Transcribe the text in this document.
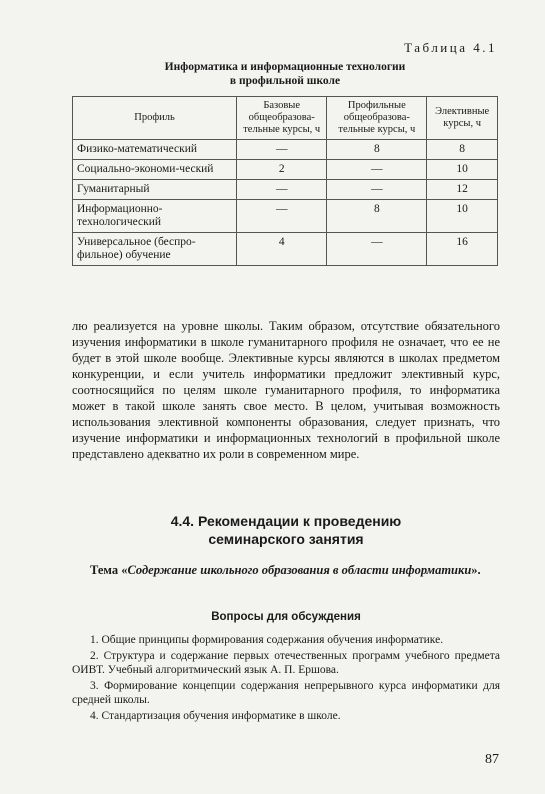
Таблица 4.1
Информатика и информационные технологии
в профильной школе
Профиль	Базовые общеобразова-тельные курсы, ч	Профильные общеобразова-тельные курсы, ч	Элективные курсы, ч
Физико-математический	—	8	8
Социально-экономи-ческий	2	—	10
Гуманитарный	—	—	12
Информационно-технологический	—	8	10
Универсальное (беспро-фильное) обучение	4	—	16

лю реализуется на уровне школы. Таким образом, отсутствие обязательного изучения информатики в школе гуманитарного профиля не означает, что ее не будет в этой школе вообще. Элективные курсы являются в школах предметом конкуренции, и если учитель информатики предложит элективный курс, соотносящийся по целям школе гуманитарного профиля, то информатика может в такой школе занять свое место. В целом, учитывая возможность использования элективной компоненты образования, следует признать, что изучение информатики и информационных технологий в профильной школе представлено адекватно их роли в современном мире.

4.4. Рекомендации к проведению
семинарского занятия
Тема «Содержание школьного образования в области информатики».
Вопросы для обсуждения

1. Общие принципы формирования содержания обучения информатике.

2. Структура и содержание первых отечественных программ учебного предмета ОИВТ. Учебный алгоритмический язык А. П. Ершова.

3. Формирование концепции содержания непрерывного курса информатики для средней школы.

4. Стандартизация обучения информатике в школе.

87
